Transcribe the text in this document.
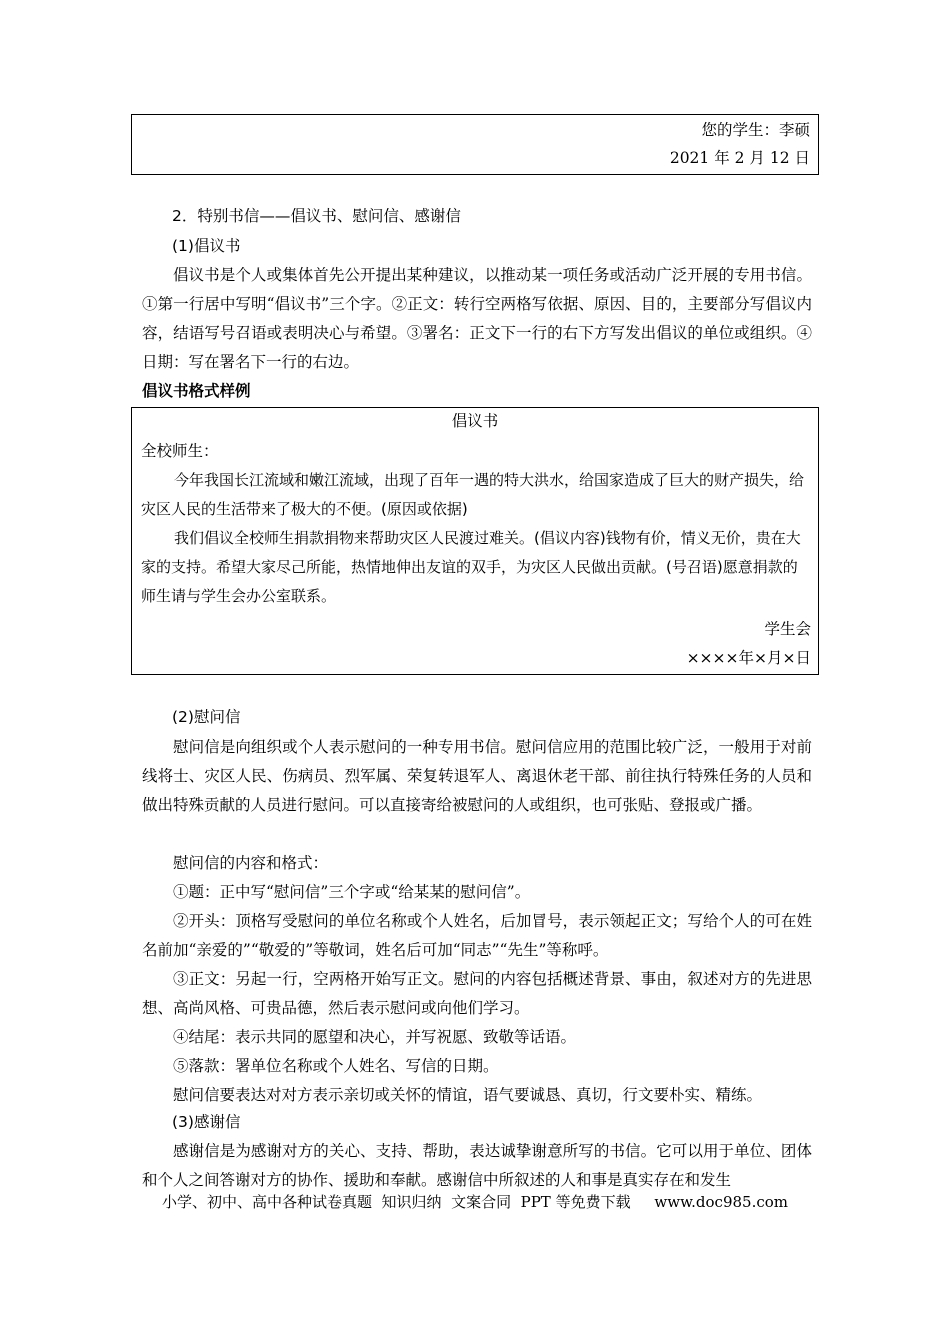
您的学生：李硕
2021 年 2 月 12 日
2．特别书信——倡议书、慰问信、感谢信
(1)倡议书

倡议书是个人或集体首先公开提出某种建议，以推动某一项任务或活动广泛开展的专用书信。①第一行居中写明“倡议书”三个字。②正文：转行空两格写依据、原因、目的，主要部分写倡议内容，结语写号召语或表明决心与希望。③署名：正文下一行的右下方写发出倡议的单位或组织。④日期：写在署名下一行的右边。

倡议书格式样例
倡议书
全校师生：

今年我国长江流域和嫩江流域，出现了百年一遇的特大洪水，给国家造成了巨大的财产损失，给灾区人民的生活带来了极大的不便。(原因或依据)

我们倡议全校师生捐款捐物来帮助灾区人民渡过难关。(倡议内容)钱物有价，情义无价，贵在大家的支持。希望大家尽己所能，热情地伸出友谊的双手，为灾区人民做出贡献。(号召语)愿意捐款的师生请与学生会办公室联系。

学生会
××××年×月×日
(2)慰问信

慰问信是向组织或个人表示慰问的一种专用书信。慰问信应用的范围比较广泛，一般用于对前线将士、灾区人民、伤病员、烈军属、荣复转退军人、离退休老干部、前往执行特殊任务的人员和做出特殊贡献的人员进行慰问。可以直接寄给被慰问的人或组织，也可张贴、登报或广播。

慰问信的内容和格式：

①题：正中写“慰问信”三个字或“给某某的慰问信”。

②开头：顶格写受慰问的单位名称或个人姓名，后加冒号，表示领起正文；写给个人的可在姓名前加“亲爱的”“敬爱的”等敬词，姓名后可加“同志”“先生”等称呼。

③正文：另起一行，空两格开始写正文。慰问的内容包括概述背景、事由，叙述对方的先进思想、高尚风格、可贵品德，然后表示慰问或向他们学习。

④结尾：表示共同的愿望和决心，并写祝愿、致敬等话语。

⑤落款：署单位名称或个人姓名、写信的日期。

慰问信要表达对对方表示亲切或关怀的情谊，语气要诚恳、真切，行文要朴实、精练。

(3)感谢信

感谢信是为感谢对方的关心、支持、帮助，表达诚挚谢意所写的书信。它可以用于单位、团体和个人之间答谢对方的协作、援助和奉献。感谢信中所叙述的人和事是真实存在和发生

小学、初中、高中各种试卷真题  知识归纳  文案合同  PPT 等免费下载     www.doc985.com
